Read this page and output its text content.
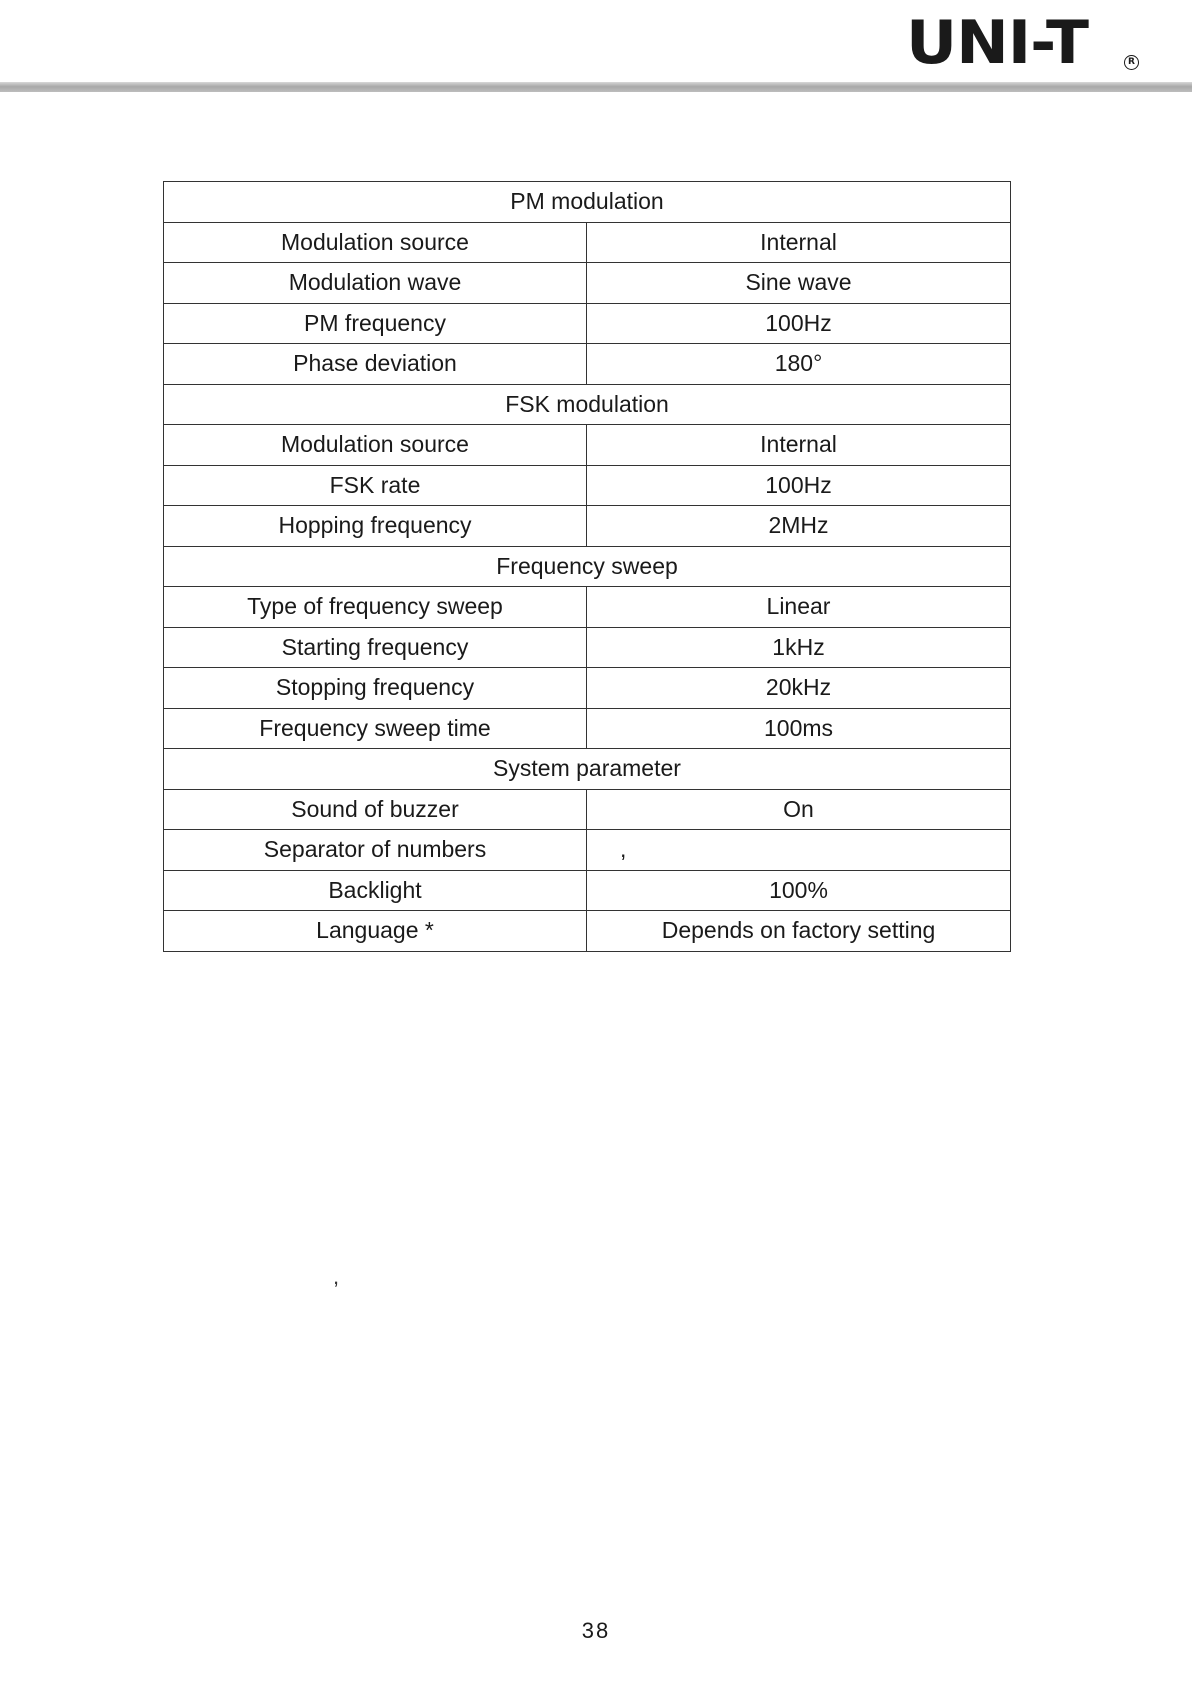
UNI-T	R
PM modulation	
Modulation source	Internal
Modulation wave	Sine wave
PM frequency	100Hz
Phase deviation	180°
FSK modulation	
Modulation source	Internal
FSK rate	100Hz
Hopping frequency	2MHz
Frequency sweep	
Type of frequency sweep	Linear
Starting frequency	1kHz
Stopping frequency	20kHz
Frequency sweep time	100ms
System parameter	
Sound of buzzer	On
Separator of numbers	,
Backlight	100%
Language *	Depends on factory setting
,
38
